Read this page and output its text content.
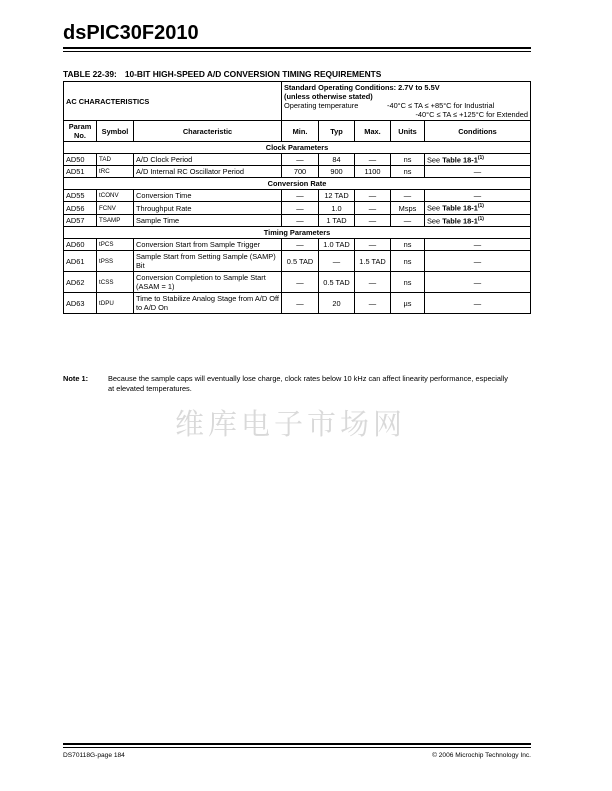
dsPIC30F2010
TABLE 22-39: 10-BIT HIGH-SPEED A/D CONVERSION TIMING REQUIREMENTS
AC CHARACTERISTICS			Standard Operating Conditions: 2.7V to 5.5V
(unless otherwise stated)
Operating temperature -40°C ≤ TA ≤ +85°C for Industrial
-40°C ≤ TA ≤ +125°C for Extended				

Param No.	Symbol	Characteristic	Min.	Typ	Max.	Units	Conditions
Clock Parameters							
AD50	TAD	A/D Clock Period	—	84	—	ns	See Table 18-1$^{(1)}$
AD51	tRC	A/D Internal RC Oscillator Period	700	900	1100	ns	—
Conversion Rate							
AD55	tCONV	Conversion Time	—	12 TAD	—	—	—
AD56	FCNV	Throughput Rate	—	1.0	—	Msps	See Table 18-1$^{(1)}$
AD57	TSAMP	Sample Time	—	1 TAD	—	—	See Table 18-1$^{(1)}$
Timing Parameters							
AD60	tPCS	Conversion Start from Sample Trigger	—	1.0 TAD	—	ns	—
AD61	tPSS	Sample Start from Setting Sample (SAMP) Bit	0.5 TAD	—	1.5 TAD	ns	—
AD62	tCSS	Conversion Completion to Sample Start (ASAM = 1)	—	0.5 TAD	—	ns	—
AD63	tDPU	Time to Stabilize Analog Stage from A/D Off to A/D On	—	20	—	µs	—
Note 1:	Because the sample caps will eventually lose charge, clock rates below 10 kHz can affect linearity performance, especially at elevated temperatures.
维库电子市场网
DS70118G-page 184	© 2006 Microchip Technology Inc.
